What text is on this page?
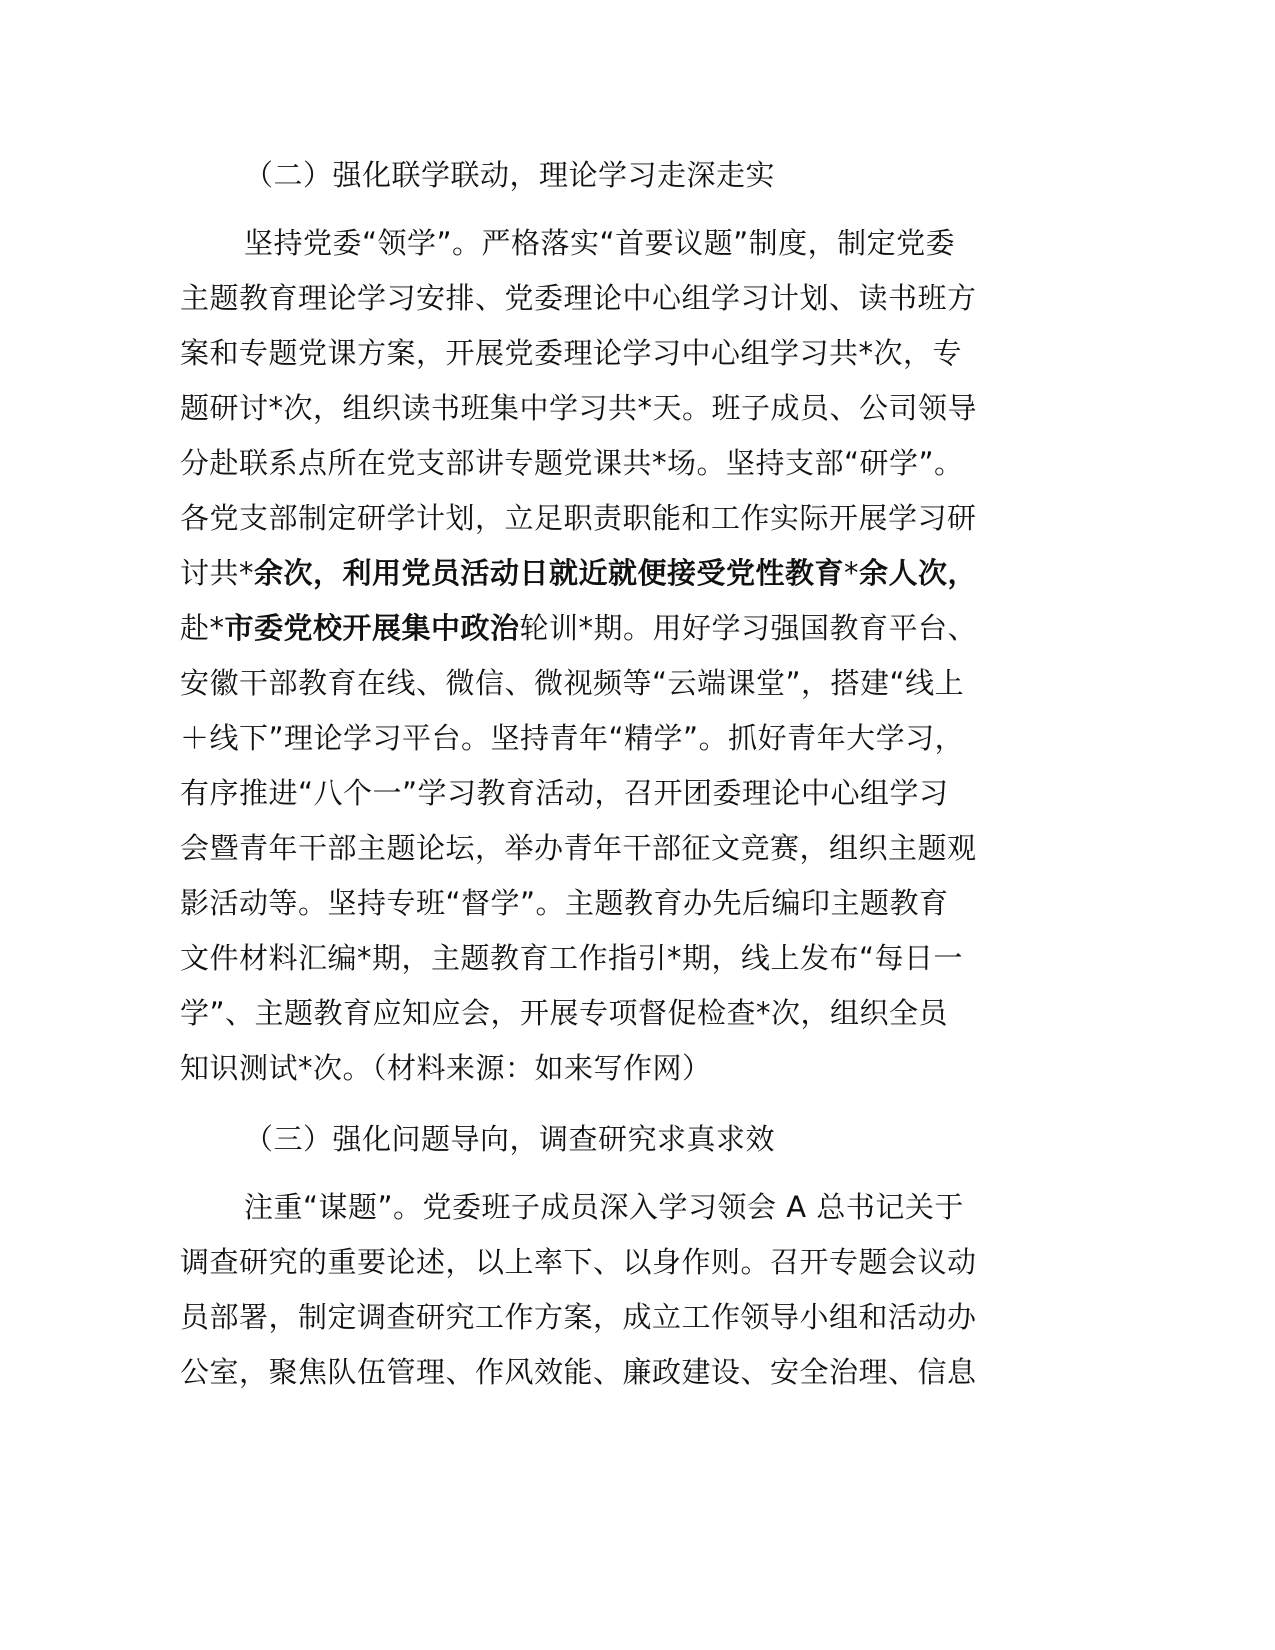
（二）强化联学联动，理论学习走深走实
坚持党委“领学”。严格落实“首要议题”制度，制定党委
主题教育理论学习安排、党委理论中心组学习计划、读书班方
案和专题党课方案，开展党委理论学习中心组学习共*次，专
题研讨*次，组织读书班集中学习共*天。班子成员、公司领导
分赴联系点所在党支部讲专题党课共*场。坚持支部“研学”。
各党支部制定研学计划，立足职责职能和工作实际开展学习研
讨共*余次，利用党员活动日就近就便接受党性教育*余人次，
赴*市委党校开展集中政治轮训*期。用好学习强国教育平台、
安徽干部教育在线、微信、微视频等“云端课堂”，搭建“线上
＋线下”理论学习平台。坚持青年“精学”。抓好青年大学习，
有序推进“八个一”学习教育活动，召开团委理论中心组学习
会暨青年干部主题论坛，举办青年干部征文竞赛，组织主题观
影活动等。坚持专班“督学”。主题教育办先后编印主题教育
文件材料汇编*期，主题教育工作指引*期，线上发布“每日一
学”、主题教育应知应会，开展专项督促检查*次，组织全员
知识测试*次。（材料来源：如来写作网）
（三）强化问题导向，调查研究求真求效
注重“谋题”。党委班子成员深入学习领会 A 总书记关于
调查研究的重要论述，以上率下、以身作则。召开专题会议动
员部署，制定调查研究工作方案，成立工作领导小组和活动办
公室，聚焦队伍管理、作风效能、廉政建设、安全治理、信息
